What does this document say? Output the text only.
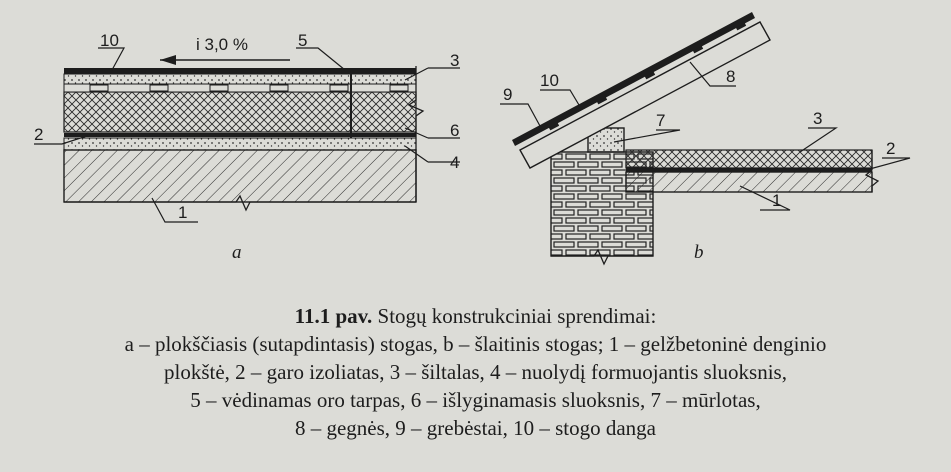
10	i 3,0 %	5
3
2	6
4
1
a
10
9
8
7	3
2
1
b
11.1 pav. Stogų konstrukciniai sprendimai:
a – plokščiasis (sutapdintasis) stogas, b – šlaitinis stogas; 1 – gelžbetoninė denginio
plokštė, 2 – garo izoliatas, 3 – šiltalas, 4 – nuolydį formuojantis sluoksnis,
5 – vėdinamas oro tarpas, 6 – išlyginamasis sluoksnis, 7 – mūrlotas,
8 – gegnės, 9 – grebėstai, 10 – stogo danga
